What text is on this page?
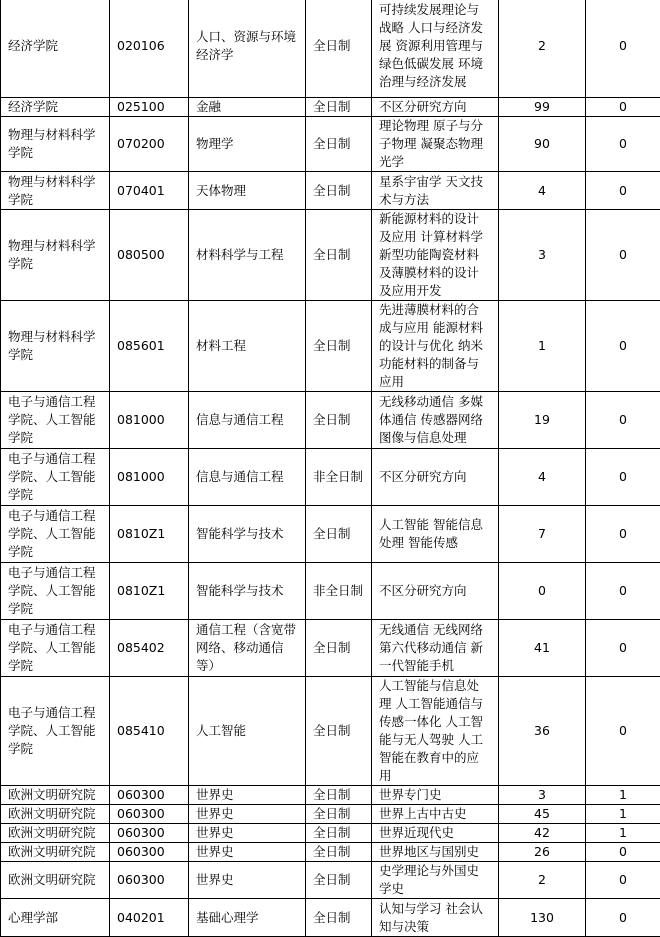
经济学院	020106	人口、资源与环境经济学	全日制	可持续发展理论与战略 人口与经济发展 资源利用管理与绿色低碳发展 环境治理与经济发展	2	0
经济学院	025100	金融	全日制	不区分研究方向	99	0
物理与材料科学学院	070200	物理学	全日制	理论物理 原子与分子物理 凝聚态物理 光学	90	0
物理与材料科学学院	070401	天体物理	全日制	星系宇宙学 天文技术与方法	4	0
物理与材料科学学院	080500	材料科学与工程	全日制	新能源材料的设计及应用 计算材料学 新型功能陶瓷材料及薄膜材料的设计及应用开发	3	0
物理与材料科学学院	085601	材料工程	全日制	先进薄膜材料的合成与应用 能源材料的设计与优化 纳米功能材料的制备与应用	1	0
电子与通信工程学院、人工智能学院	081000	信息与通信工程	全日制	无线移动通信 多媒体通信 传感器网络 图像与信息处理	19	0
电子与通信工程学院、人工智能学院	081000	信息与通信工程	非全日制	不区分研究方向	4	0
电子与通信工程学院、人工智能学院	0810Z1	智能科学与技术	全日制	人工智能 智能信息处理 智能传感	7	0
电子与通信工程学院、人工智能学院	0810Z1	智能科学与技术	非全日制	不区分研究方向	0	0
电子与通信工程学院、人工智能学院	085402	通信工程（含宽带网络、移动通信等）	全日制	无线通信 无线网络 第六代移动通信 新一代智能手机	41	0
电子与通信工程学院、人工智能学院	085410	人工智能	全日制	人工智能与信息处理 人工智能通信与传感一体化 人工智能与无人驾驶 人工智能在教育中的应用	36	0
欧洲文明研究院	060300	世界史	全日制	世界专门史	3	1
欧洲文明研究院	060300	世界史	全日制	世界上古中古史	45	1
欧洲文明研究院	060300	世界史	全日制	世界近现代史	42	1
欧洲文明研究院	060300	世界史	全日制	世界地区与国别史	26	0
欧洲文明研究院	060300	世界史	全日制	史学理论与外国史学史	2	0
心理学部	040201	基础心理学	全日制	认知与学习 社会认知与决策	130	0
